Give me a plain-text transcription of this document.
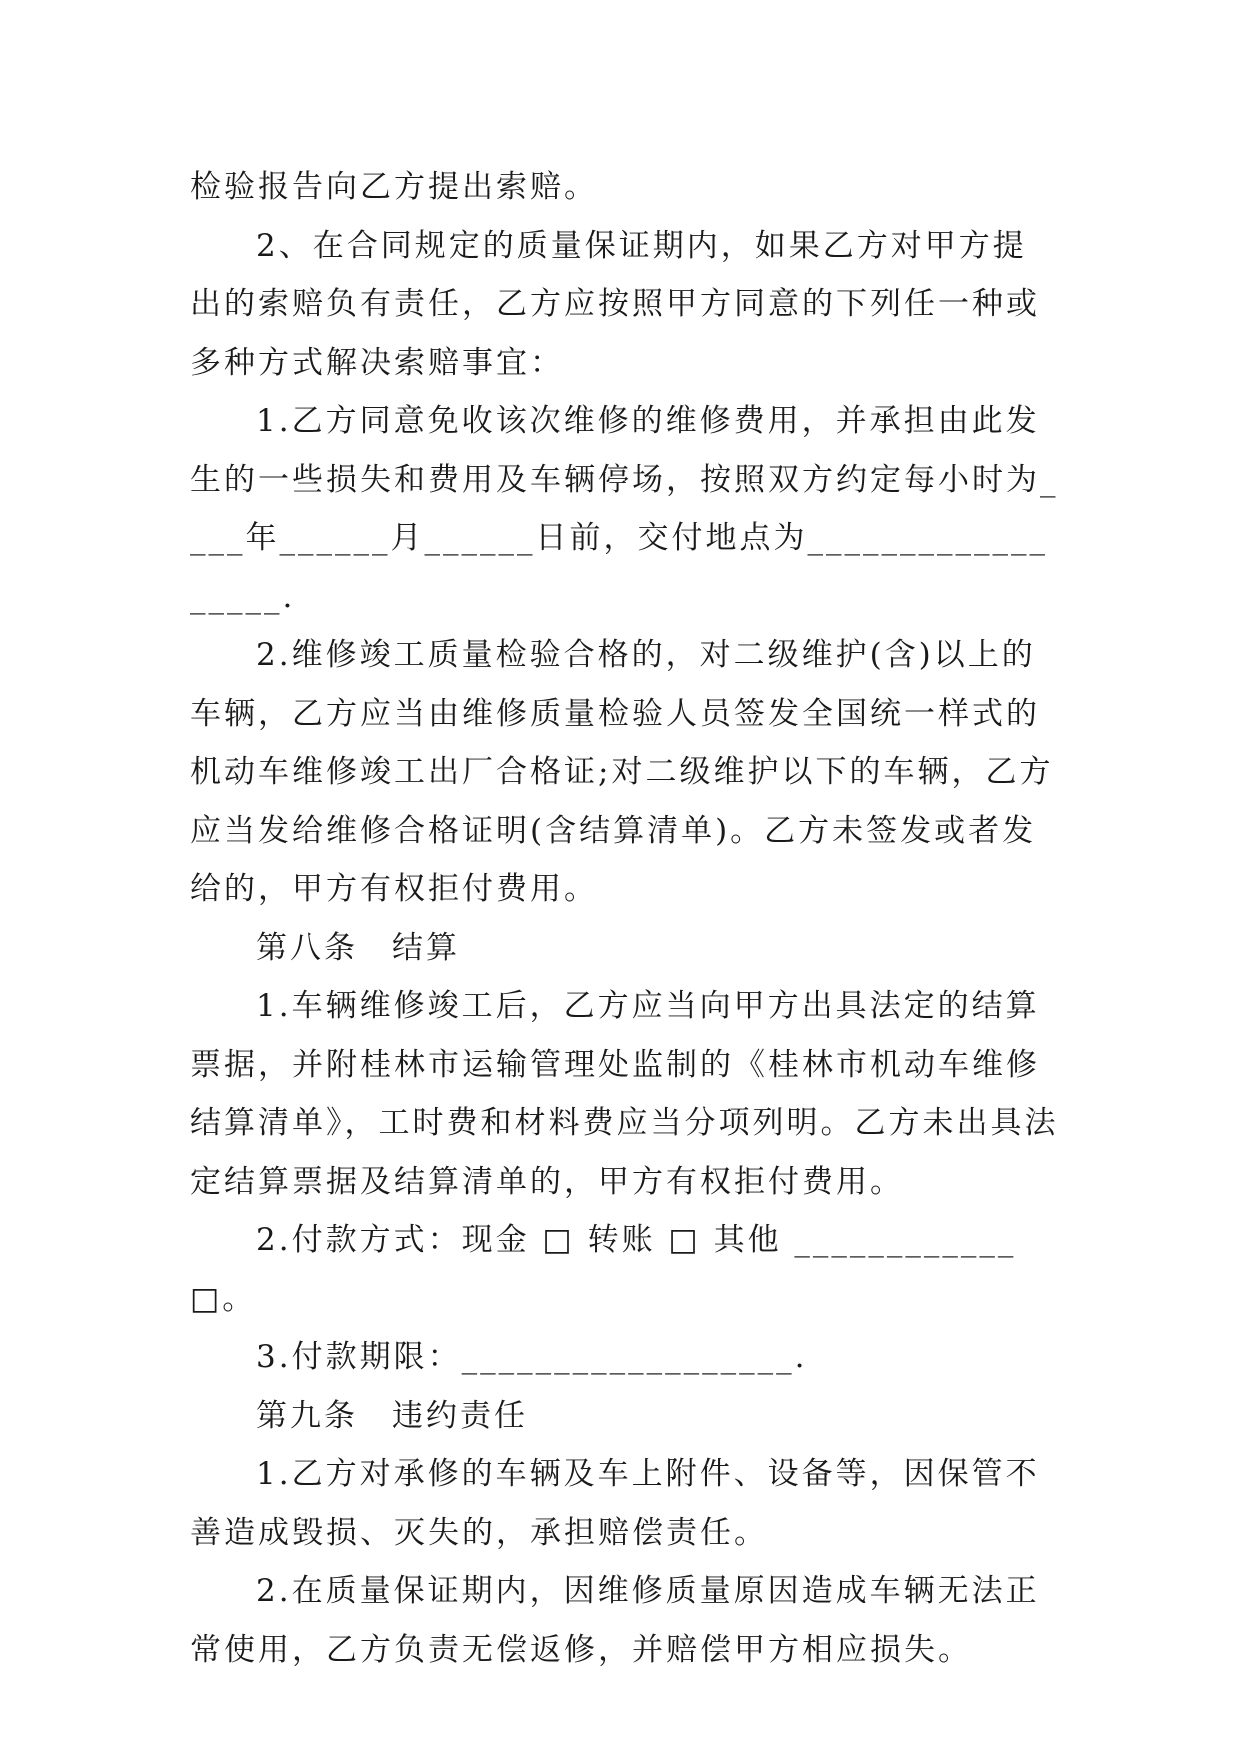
检验报告向乙方提出索赔。

2、在合同规定的质量保证期内，如果乙方对甲方提出的索赔负有责任，乙方应按照甲方同意的下列任一种或多种方式解决索赔事宜：

1.乙方同意免收该次维修的维修费用，并承担由此发生的一些损失和费用及车辆停场，按照双方约定每小时为____年______月______日前，交付地点为__________________.

2.维修竣工质量检验合格的，对二级维护(含)以上的车辆，乙方应当由维修质量检验人员签发全国统一样式的机动车维修竣工出厂合格证;对二级维护以下的车辆，乙方应当发给维修合格证明(含结算清单)。乙方未签发或者发给的，甲方有权拒付费用。

第八条　结算

1.车辆维修竣工后，乙方应当向甲方出具法定的结算票据，并附桂林市运输管理处监制的《桂林市机动车维修结算清单》，工时费和材料费应当分项列明。乙方未出具法定结算票据及结算清单的，甲方有权拒付费用。

2.付款方式：现金 □ 转账 □ 其他 ____________□。

3.付款期限：__________________.

第九条　违约责任

1.乙方对承修的车辆及车上附件、设备等，因保管不善造成毁损、灭失的，承担赔偿责任。

2.在质量保证期内，因维修质量原因造成车辆无法正常使用，乙方负责无偿返修，并赔偿甲方相应损失。
